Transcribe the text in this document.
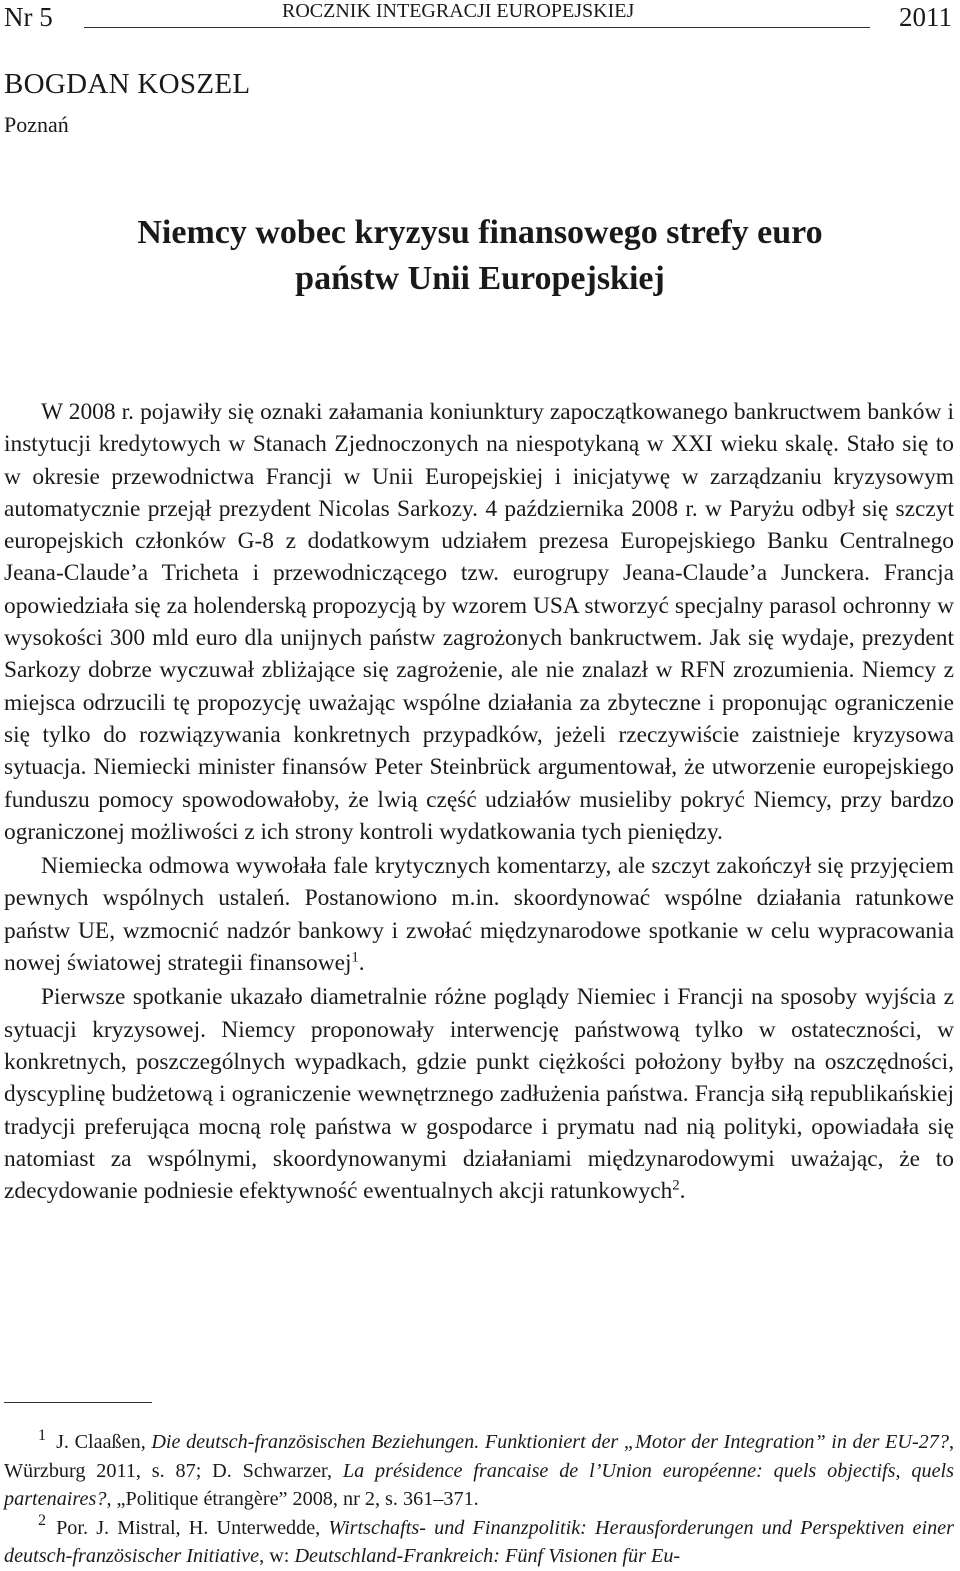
Nr 5	ROCZNIK INTEGRACJI EUROPEJSKIEJ	2011
BOGDAN KOSZEL
Poznań
Niemcy wobec kryzysu finansowego strefy euro
państw Unii Europejskiej

W 2008 r. pojawiły się oznaki załamania koniunktury zapoczątkowanego bankructwem banków i instytucji kredytowych w Stanach Zjednoczonych na niespotykaną w XXI wieku skalę. Stało się to w okresie przewodnictwa Francji w Unii Europejskiej i inicjatywę w zarządzaniu kryzysowym automatycznie przejął prezydent Nicolas Sarkozy. 4 października 2008 r. w Paryżu odbył się szczyt europejskich członków G-8 z dodatkowym udziałem prezesa Europejskiego Banku Centralnego Jeana-Claude’a Tricheta i przewodniczącego tzw. eurogrupy Jeana-Claude’a Junckera. Francja opowiedziała się za holenderską propozycją by wzorem USA stworzyć specjalny parasol ochronny w wysokości 300 mld euro dla unijnych państw zagrożonych bankructwem. Jak się wydaje, prezydent Sarkozy dobrze wyczuwał zbliżające się zagrożenie, ale nie znalazł w RFN zrozumienia. Niemcy z miejsca odrzucili tę propozycję uważając wspólne działania za zbyteczne i proponując ograniczenie się tylko do rozwiązywania konkretnych przypadków, jeżeli rzeczywiście zaistnieje kryzysowa sytuacja. Niemiecki minister finansów Peter Steinbrück argumentował, że utworzenie europejskiego funduszu pomocy spowodowałoby, że lwią część udziałów musieliby pokryć Niemcy, przy bardzo ograniczonej możliwości z ich strony kontroli wydatkowania tych pieniędzy.

Niemiecka odmowa wywołała fale krytycznych komentarzy, ale szczyt zakończył się przyjęciem pewnych wspólnych ustaleń. Postanowiono m.in. skoordynować wspólne działania ratunkowe państw UE, wzmocnić nadzór bankowy i zwołać międzynarodowe spotkanie w celu wypracowania nowej światowej strategii finansowej$^1$.

Pierwsze spotkanie ukazało diametralnie różne poglądy Niemiec i Francji na sposoby wyjścia z sytuacji kryzysowej. Niemcy proponowały interwencję państwową tylko w ostateczności, w konkretnych, poszczególnych wypadkach, gdzie punkt ciężkości położony byłby na oszczędności, dyscyplinę budżetową i ograniczenie wewnętrznego zadłużenia państwa. Francja siłą republikańskiej tradycji preferująca mocną rolę państwa w gospodarce i prymatu nad nią polityki, opowiadała się natomiast za wspólnymi, skoordynowanymi działaniami międzynarodowymi uważając, że to zdecydowanie podniesie efektywność ewentualnych akcji ratunkowych$^2$.

$^1$ J. Claaßen, Die deutsch-französischen Beziehungen. Funktioniert der „Motor der Integration” in der EU-27?, Würzburg 2011, s. 87; D. Schwarzer, La présidence francaise de l’Union européenne: quels objectifs, quels partenaires?, „Politique étrangère” 2008, nr 2, s. 361–371.

$^2$ Por. J. Mistral, H. Unterwedde, Wirtschafts- und Finanzpolitik: Herausforderungen und Perspektiven einer deutsch-französischer Initiative, w: Deutschland-Frankreich: Fünf Visionen für Eu-
